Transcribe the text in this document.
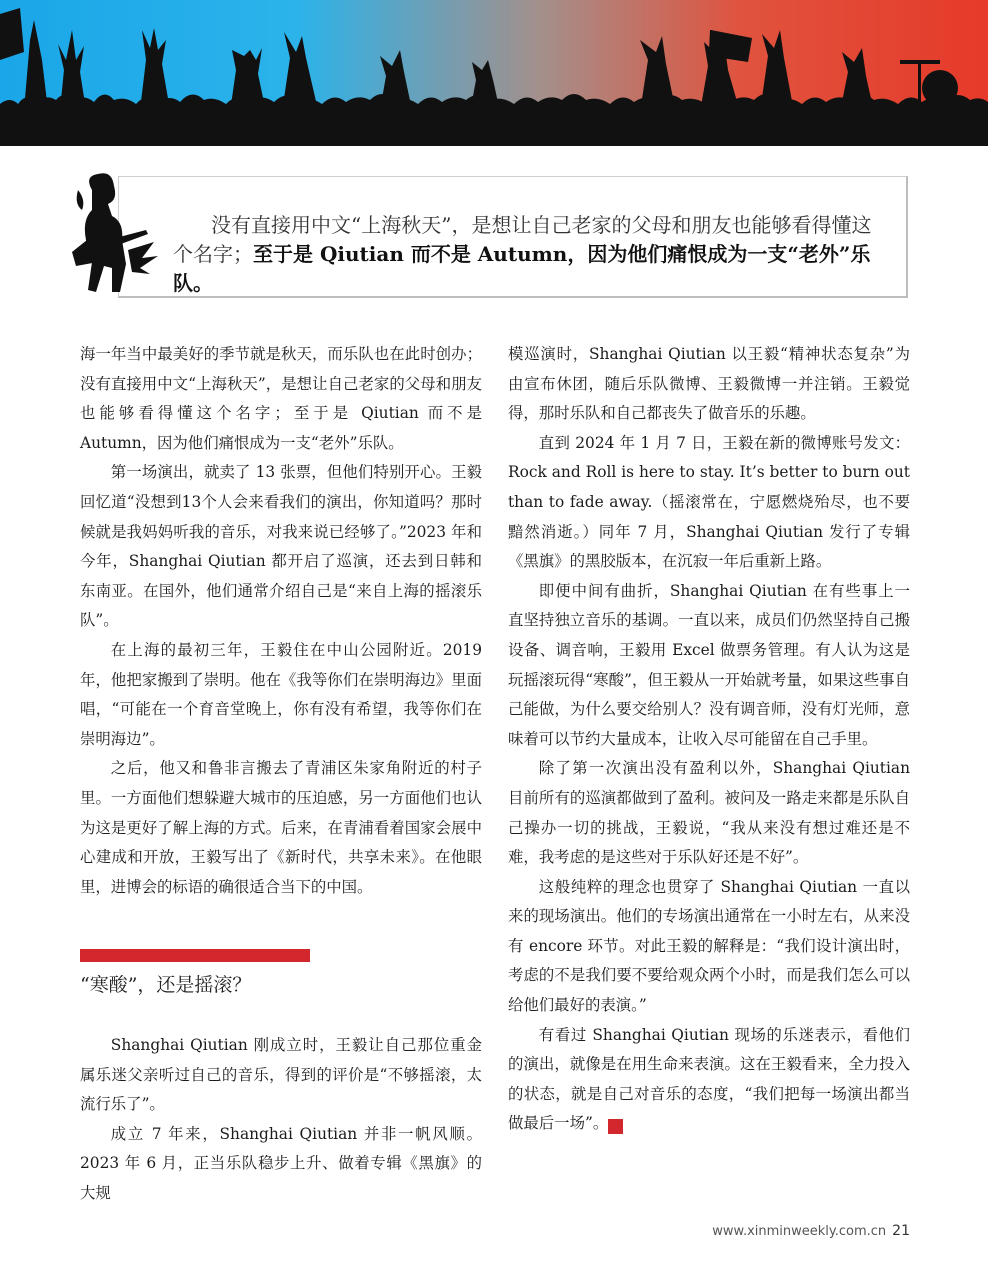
没有直接用中文“上海秋天”，是想让自己老家的父母和朋友也能够看得懂这个名字；至于是 Qiutian 而不是 Autumn，因为他们痛恨成为一支“老外”乐队。

海一年当中最美好的季节就是秋天，而乐队也在此时创办；没有直接用中文“上海秋天”，是想让自己老家的父母和朋友也能够看得懂这个名字；至于是 Qiutian 而不是 Autumn，因为他们痛恨成为一支“老外”乐队。

第一场演出，就卖了 13 张票，但他们特别开心。王毅回忆道“没想到13个人会来看我们的演出，你知道吗？那时候就是我妈妈听我的音乐，对我来说已经够了。”2023 年和今年，Shanghai Qiutian 都开启了巡演，还去到日韩和东南亚。在国外，他们通常介绍自己是“来自上海的摇滚乐队”。

在上海的最初三年，王毅住在中山公园附近。2019年，他把家搬到了崇明。他在《我等你们在崇明海边》里面唱，“可能在一个育音堂晚上，你有没有希望，我等你们在崇明海边”。

之后，他又和鲁非言搬去了青浦区朱家角附近的村子里。一方面他们想躲避大城市的压迫感，另一方面他们也认为这是更好了解上海的方式。后来，在青浦看着国家会展中心建成和开放，王毅写出了《新时代，共享未来》。在他眼里，进博会的标语的确很适合当下的中国。

“寒酸”，还是摇滚？

Shanghai Qiutian 刚成立时，王毅让自己那位重金属乐迷父亲听过自己的音乐，得到的评价是“不够摇滚，太流行乐了”。

成立 7 年来，Shanghai Qiutian 并非一帆风顺。2023 年 6 月，正当乐队稳步上升、做着专辑《黑旗》的大规

模巡演时，Shanghai Qiutian 以王毅“精神状态复杂”为由宣布休团，随后乐队微博、王毅微博一并注销。王毅觉得，那时乐队和自己都丧失了做音乐的乐趣。

直到 2024 年 1 月 7 日，王毅在新的微博账号发文：Rock and Roll is here to stay. It’s better to burn out than to fade away.（摇滚常在，宁愿燃烧殆尽，也不要黯然消逝。）同年 7 月，Shanghai Qiutian 发行了专辑《黑旗》的黑胶版本，在沉寂一年后重新上路。

即便中间有曲折，Shanghai Qiutian 在有些事上一直坚持独立音乐的基调。一直以来，成员们仍然坚持自己搬设备、调音响，王毅用 Excel 做票务管理。有人认为这是玩摇滚玩得“寒酸”，但王毅从一开始就考量，如果这些事自己能做，为什么要交给别人？没有调音师，没有灯光师，意味着可以节约大量成本，让收入尽可能留在自己手里。

除了第一次演出没有盈利以外，Shanghai Qiutian 目前所有的巡演都做到了盈利。被问及一路走来都是乐队自己操办一切的挑战，王毅说，“我从来没有想过难还是不难，我考虑的是这些对于乐队好还是不好”。

这般纯粹的理念也贯穿了 Shanghai Qiutian 一直以来的现场演出。他们的专场演出通常在一小时左右，从来没有 encore 环节。对此王毅的解释是：“我们设计演出时，考虑的不是我们要不要给观众两个小时，而是我们怎么可以给他们最好的表演。”

有看过 Shanghai Qiutian 现场的乐迷表示，看他们的演出，就像是在用生命来表演。这在王毅看来，全力投入的状态，就是自己对音乐的态度，“我们把每一场演出都当做最后一场”。	民

www.xinminweekly.com.cn 21
